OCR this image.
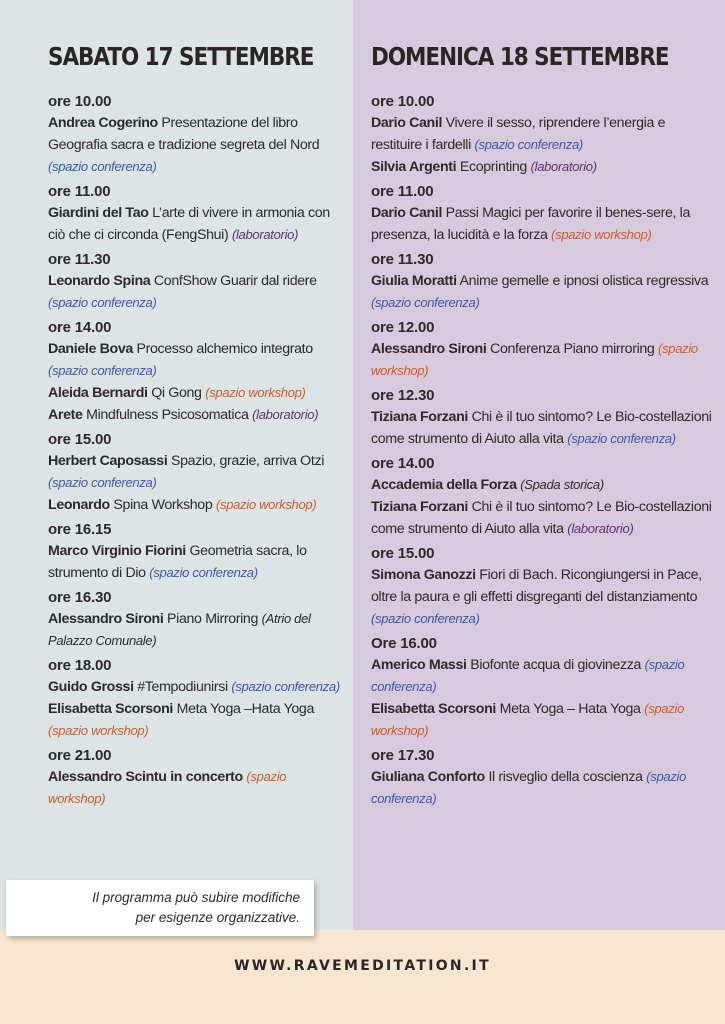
SABATO 17 SETTEMBRE
ore 10.00
Andrea Cogerino Presentazione del libro Geografia sacra e tradizione segreta del Nord (spazio conferenza)
ore 11.00
Giardini del Tao L’arte di vivere in armonia con ciò che ci circonda (FengShui) (laboratorio)
ore 11.30
Leonardo Spina ConfShow Guarir dal ridere (spazio conferenza)
ore 14.00
Daniele Bova Processo alchemico integrato (spazio conferenza)
Aleida Bernardi Qi Gong (spazio workshop)
Arete Mindfulness Psicosomatica (laboratorio)
ore 15.00
Herbert Caposassi Spazio, grazie, arriva Otzi (spazio conferenza)
Leonardo Spina Workshop (spazio workshop)
ore 16.15
Marco Virginio Fiorini Geometria sacra, lo strumento di Dio (spazio conferenza)
ore 16.30
Alessandro Sironi Piano Mirroring (Atrio del Palazzo Comunale)
ore 18.00
Guido Grossi #Tempodiunirsi (spazio conferenza)
Elisabetta Scorsoni Meta Yoga –Hata Yoga (spazio workshop)
ore 21.00
Alessandro Scintu in concerto (spazio workshop)
DOMENICA 18 SETTEMBRE
ore 10.00
Dario Canil Vivere il sesso, riprendere l’energia e restituire i fardelli (spazio conferenza)
Silvia Argenti Ecoprinting (laboratorio)
ore 11.00
Dario Canil Passi Magici per favorire il benes-sere, la presenza, la lucidità e la forza (spazio workshop)
ore 11.30
Giulia Moratti Anime gemelle e ipnosi olistica regressiva (spazio conferenza)
ore 12.00
Alessandro Sironi Conferenza Piano mirroring (spazio workshop)
ore 12.30
Tiziana Forzani Chi è il tuo sintomo? Le Bio-costellazioni come strumento di Aiuto alla vita (spazio conferenza)
ore 14.00
Accademia della Forza (Spada storica)
Tiziana Forzani Chi è il tuo sintomo? Le Bio-costellazioni come strumento di Aiuto alla vita (laboratorio)
ore 15.00
Simona Ganozzi Fiori di Bach. Ricongiungersi in Pace, oltre la paura e gli effetti disgreganti del distanziamento (spazio conferenza)
Ore 16.00
Americo Massi Biofonte acqua di giovinezza (spazio conferenza)
Elisabetta Scorsoni Meta Yoga – Hata Yoga (spazio workshop)
ore 17.30
Giuliana Conforto Il risveglio della coscienza (spazio conferenza)
Il programma può subire modifiche
per esigenze organizzative.
WWW.RAVEMEDITATION.IT
